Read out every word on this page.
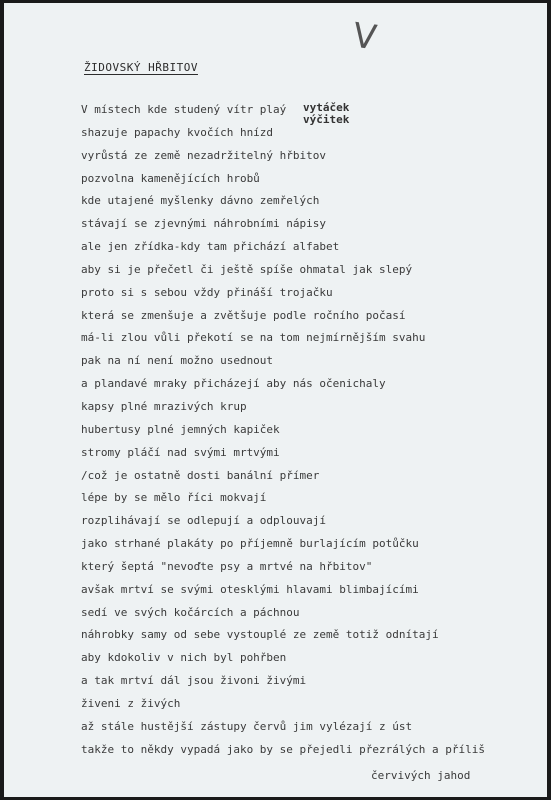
V
ŽIDOVSKÝ HŘBITOV
vytáček
výčitek
V místech kde studený vítr plaý
shazuje papachy kvočích hnízd
vyrůstá ze země nezadržitelný hřbitov
pozvolna kamenějících hrobů
kde utajené myšlenky dávno zemřelých
stávají se zjevnými náhrobními nápisy
ale jen zřídka-kdy tam přichází alfabet
aby si je přečetl či ještě spíše ohmatal jak slepý
proto si s sebou vždy přináší trojačku
která se zmenšuje a zvětšuje podle ročního počasí
má-li zlou vůli překotí se na tom nejmírnějším svahu
pak na ní není možno usednout
a plandavé mraky přicházejí aby nás očenichaly
kapsy plné mrazivých krup
hubertusy plné jemných kapiček
stromy pláčí nad svými mrtvými
/což je ostatně dosti banální přímer
lépe by se mělo říci mokvají
rozplihávají se odlepují a odplouvají
jako strhané plakáty po příjemně burlajícím potůčku
který šeptá "nevoďte psy a mrtvé na hřbitov"
avšak mrtví se svými otesklými hlavami blimbajícími
sedí ve svých kočárcích a páchnou
náhrobky samy od sebe vystouplé ze země totiž odnítají
aby kdokoliv v nich byl pohřben
a tak mrtví dál jsou živoni živými
živeni z živých
až stále hustější zástupy červů jim vylézají z úst
takže to někdy vypadá jako by se přejedli přezrálých a příliš
červivých jahod
